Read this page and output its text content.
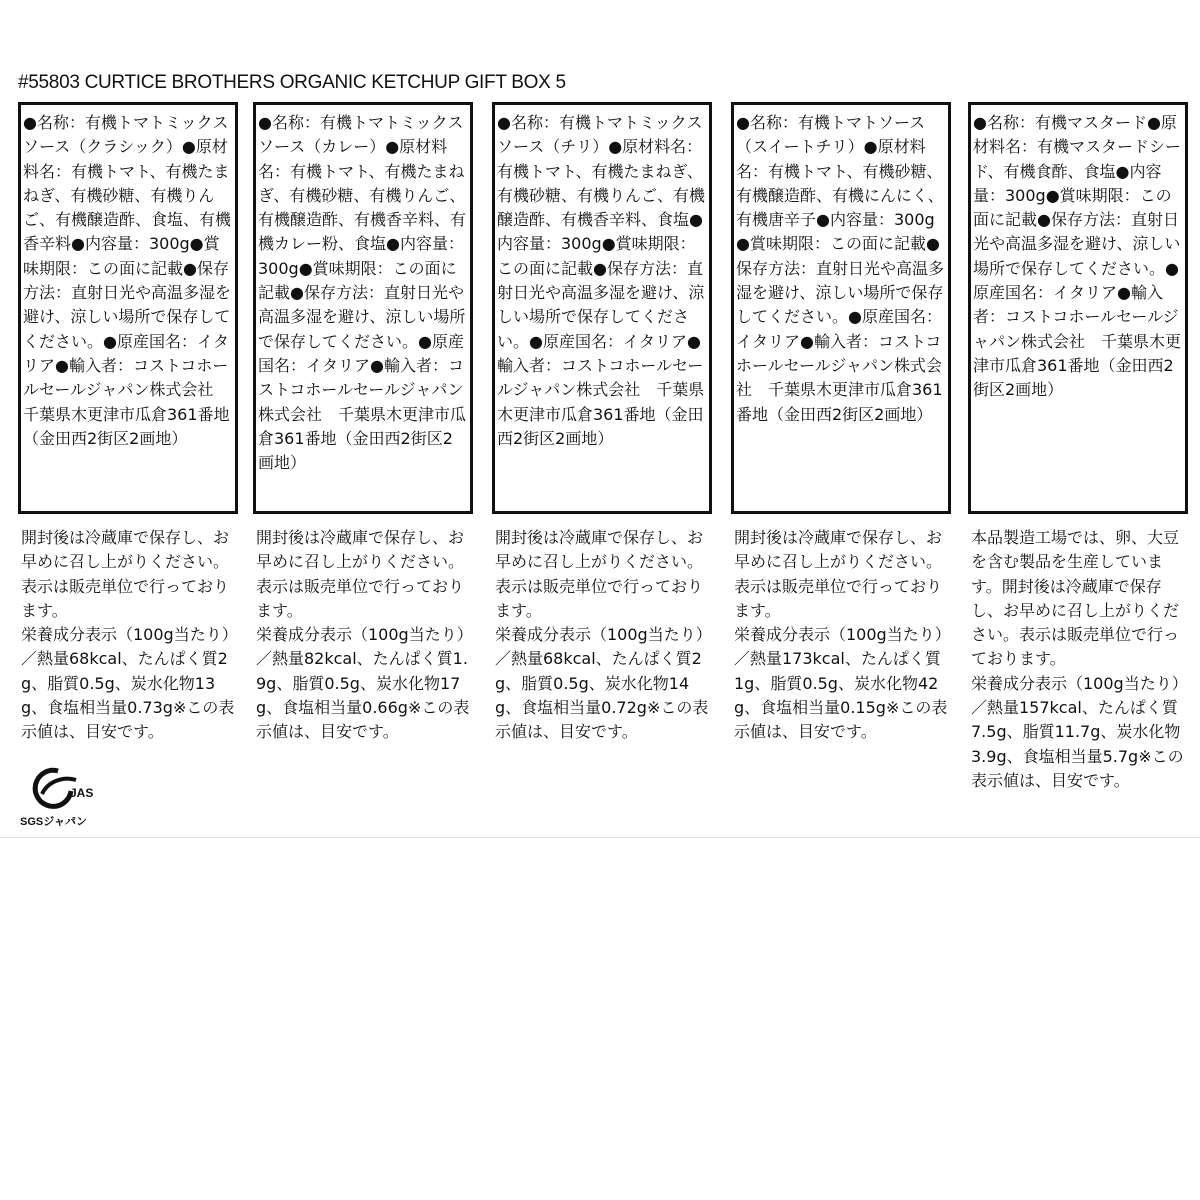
#55803 CURTICE BROTHERS ORGANIC KETCHUP GIFT BOX 5

●名称：有機トマトミックスソース（クラシック）●原材料名：有機トマト、有機たまねぎ、有機砂糖、有機りんご、有機醸造酢、食塩、有機香辛料●内容量：300g●賞味期限：この面に記載●保存方法：直射日光や高温多湿を避け、涼しい場所で保存してください。●原産国名：イタリア●輸入者：コストコホールセールジャパン株式会社　千葉県木更津市瓜倉361番地（金田西2街区2画地）

開封後は冷蔵庫で保存し、お早めに召し上がりください。表示は販売単位で行っております。
栄養成分表示（100g当たり）／熱量68kcal、たんぱく質2g、脂質0.5g、炭水化物13g、食塩相当量0.73g※この表示値は、目安です。

●名称：有機トマトミックスソース（カレー）●原材料名：有機トマト、有機たまねぎ、有機砂糖、有機りんご、有機醸造酢、有機香辛料、有機カレー粉、食塩●内容量：300g●賞味期限：この面に記載●保存方法：直射日光や高温多湿を避け、涼しい場所で保存してください。●原産国名：イタリア●輸入者：コストコホールセールジャパン株式会社　千葉県木更津市瓜倉361番地（金田西2街区2画地）

開封後は冷蔵庫で保存し、お早めに召し上がりください。表示は販売単位で行っております。
栄養成分表示（100g当たり）／熱量82kcal、たんぱく質1.9g、脂質0.5g、炭水化物17g、食塩相当量0.66g※この表示値は、目安です。

●名称：有機トマトミックスソース（チリ）●原材料名：有機トマト、有機たまねぎ、有機砂糖、有機りんご、有機醸造酢、有機香辛料、食塩●内容量：300g●賞味期限：この面に記載●保存方法：直射日光や高温多湿を避け、涼しい場所で保存してください。●原産国名：イタリア●輸入者：コストコホールセールジャパン株式会社　千葉県木更津市瓜倉361番地（金田西2街区2画地）

開封後は冷蔵庫で保存し、お早めに召し上がりください。表示は販売単位で行っております。
栄養成分表示（100g当たり）／熱量68kcal、たんぱく質2g、脂質0.5g、炭水化物14g、食塩相当量0.72g※この表示値は、目安です。

●名称：有機トマトソース（スイートチリ）●原材料名：有機トマト、有機砂糖、有機醸造酢、有機にんにく、有機唐辛子●内容量：300g●賞味期限：この面に記載●保存方法：直射日光や高温多湿を避け、涼しい場所で保存してください。●原産国名：イタリア●輸入者：コストコホールセールジャパン株式会社　千葉県木更津市瓜倉361番地（金田西2街区2画地）

開封後は冷蔵庫で保存し、お早めに召し上がりください。表示は販売単位で行っております。
栄養成分表示（100g当たり）／熱量173kcal、たんぱく質1g、脂質0.5g、炭水化物42g、食塩相当量0.15g※この表示値は、目安です。

●名称：有機マスタード●原材料名：有機マスタードシード、有機食酢、食塩●内容量：300g●賞味期限：この面に記載●保存方法：直射日光や高温多湿を避け、涼しい場所で保存してください。●原産国名：イタリア●輸入者：コストコホールセールジャパン株式会社　千葉県木更津市瓜倉361番地（金田西2街区2画地）

本品製造工場では、卵、大豆を含む製品を生産しています。開封後は冷蔵庫で保存し、お早めに召し上がりください。表示は販売単位で行っております。
栄養成分表示（100g当たり）／熱量157kcal、たんぱく質7.5g、脂質11.7g、炭水化物3.9g、食塩相当量5.7g※この表示値は、目安です。

JAS
SGSジャパン
